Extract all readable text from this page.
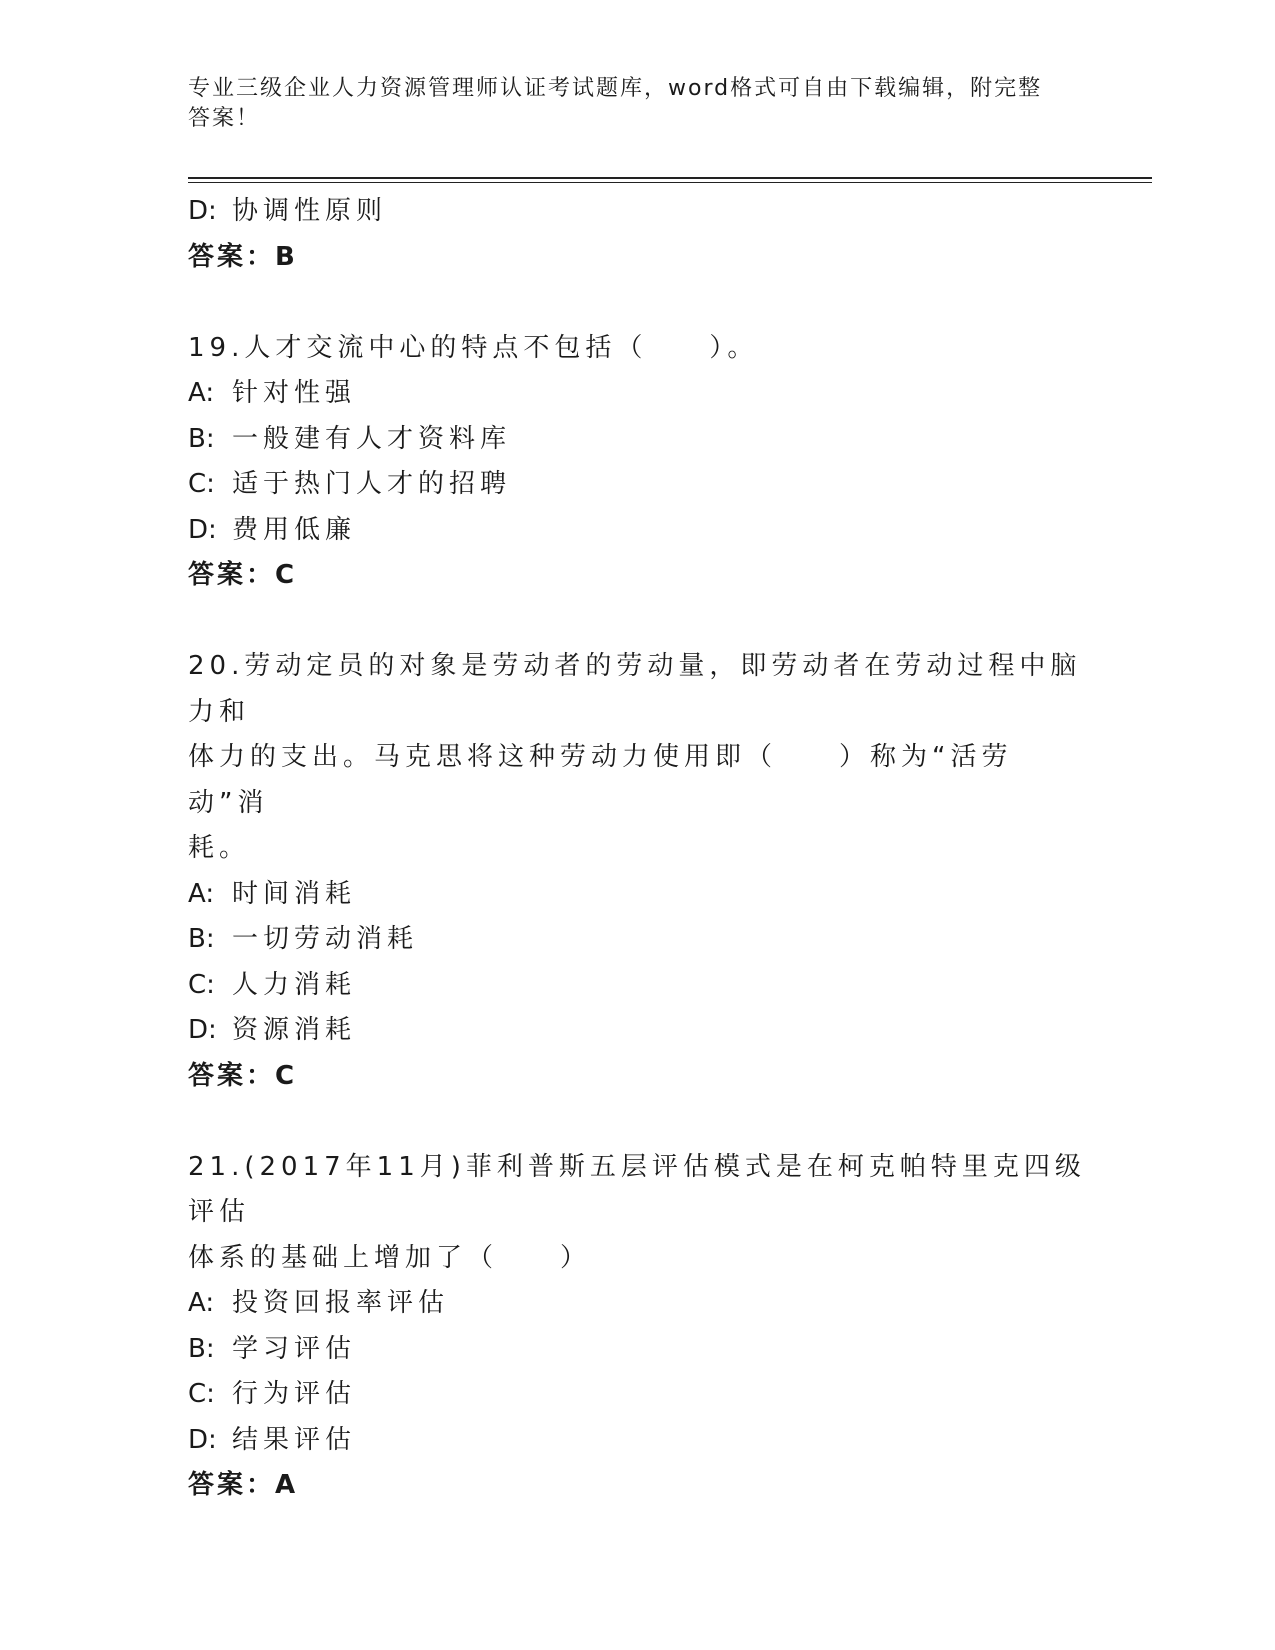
专业三级企业人力资源管理师认证考试题库，word格式可自由下载编辑，附完整
答案！
D: 协调性原则
答案：B
19.人才交流中心的特点不包括（　　）。
A: 针对性强
B: 一般建有人才资料库
C: 适于热门人才的招聘
D: 费用低廉
答案：C
20.劳动定员的对象是劳动者的劳动量，即劳动者在劳动过程中脑力和
体力的支出。马克思将这种劳动力使用即（　　）称为“活劳动”消
耗。
A: 时间消耗
B: 一切劳动消耗
C: 人力消耗
D: 资源消耗
答案：C
21.(2017年11月)菲利普斯五层评估模式是在柯克帕特里克四级评估
体系的基础上增加了（　　）
A: 投资回报率评估
B: 学习评估
C: 行为评估
D: 结果评估
答案：A
